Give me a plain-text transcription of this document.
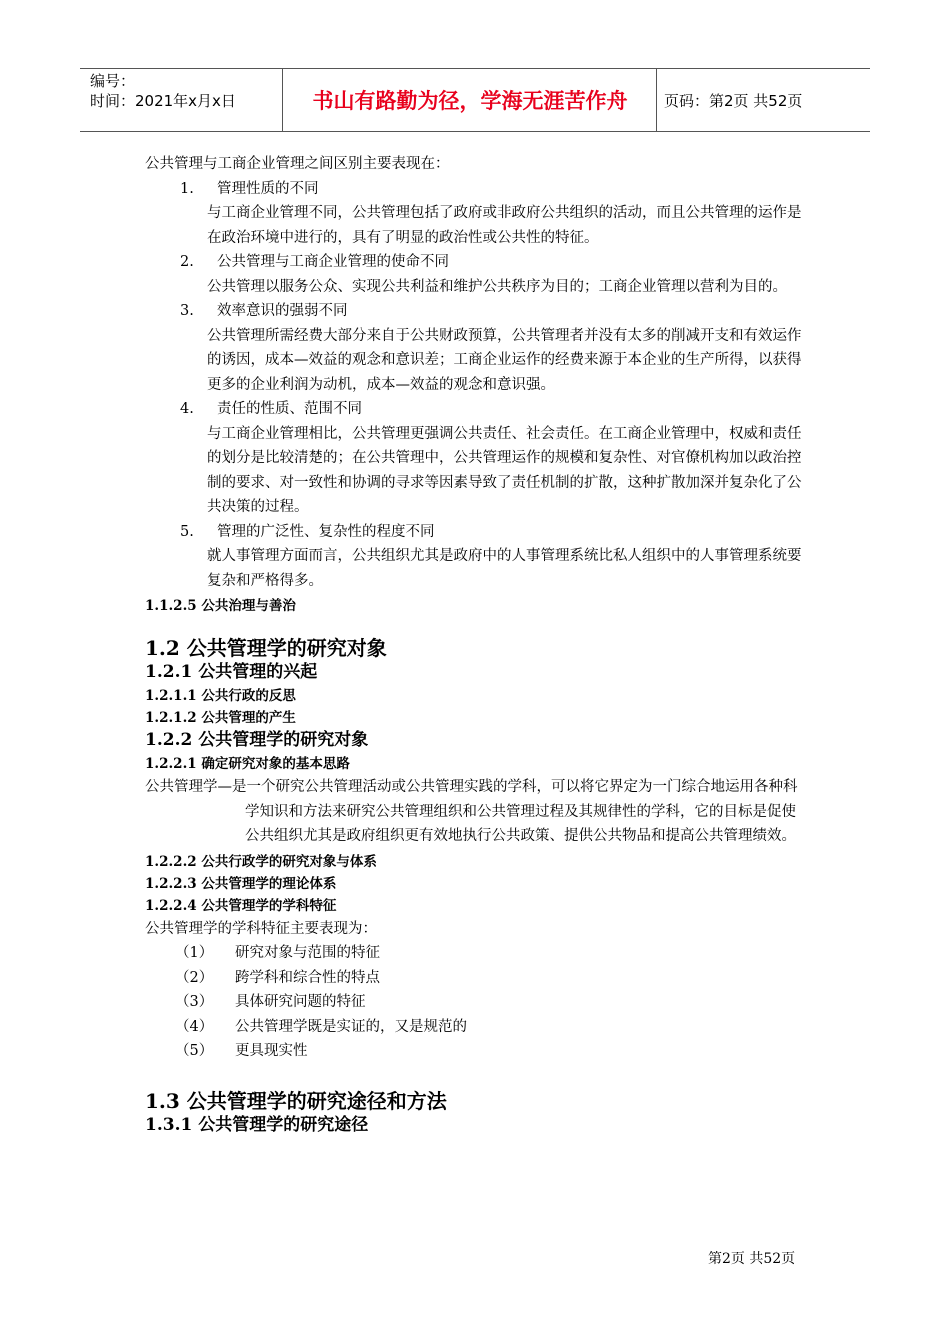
编号：
时间：2021年x月x日	书山有路勤为径，学海无涯苦作舟	页码：第2页 共52页

公共管理与工商企业管理之间区别主要表现在：

1.	管理性质的不同

与工商企业管理不同，公共管理包括了政府或非政府公共组织的活动，而且公共管理的运作是在政治环境中进行的，具有了明显的政治性或公共性的特征。

2.	公共管理与工商企业管理的使命不同

公共管理以服务公众、实现公共利益和维护公共秩序为目的；工商企业管理以营利为目的。

3.	效率意识的强弱不同

公共管理所需经费大部分来自于公共财政预算，公共管理者并没有太多的削减开支和有效运作的诱因，成本—效益的观念和意识差；工商企业运作的经费来源于本企业的生产所得，以获得更多的企业利润为动机，成本—效益的观念和意识强。

4.	责任的性质、范围不同

与工商企业管理相比，公共管理更强调公共责任、社会责任。在工商企业管理中，权威和责任的划分是比较清楚的；在公共管理中，公共管理运作的规模和复杂性、对官僚机构加以政治控制的要求、对一致性和协调的寻求等因素导致了责任机制的扩散，这种扩散加深并复杂化了公共决策的过程。

5.	管理的广泛性、复杂性的程度不同

就人事管理方面而言，公共组织尤其是政府中的人事管理系统比私人组织中的人事管理系统要复杂和严格得多。

1.1.2.5 公共治理与善治
1.2 公共管理学的研究对象
1.2.1 公共管理的兴起
1.2.1.1 公共行政的反思
1.2.1.2 公共管理的产生
1.2.2 公共管理学的研究对象
1.2.2.1 确定研究对象的基本思路

公共管理学—是一个研究公共管理活动或公共管理实践的学科，可以将它界定为一门综合地运用各种科学知识和方法来研究公共管理组织和公共管理过程及其规律性的学科，它的目标是促使公共组织尤其是政府组织更有效地执行公共政策、提供公共物品和提高公共管理绩效。

1.2.2.2 公共行政学的研究对象与体系
1.2.2.3 公共管理学的理论体系
1.2.2.4 公共管理学的学科特征

公共管理学的学科特征主要表现为：

（1）	研究对象与范围的特征
（2）	跨学科和综合性的特点
（3）	具体研究问题的特征
（4）	公共管理学既是实证的，又是规范的
（5）	更具现实性
1.3 公共管理学的研究途径和方法
1.3.1 公共管理学的研究途径
第2页 共52页
